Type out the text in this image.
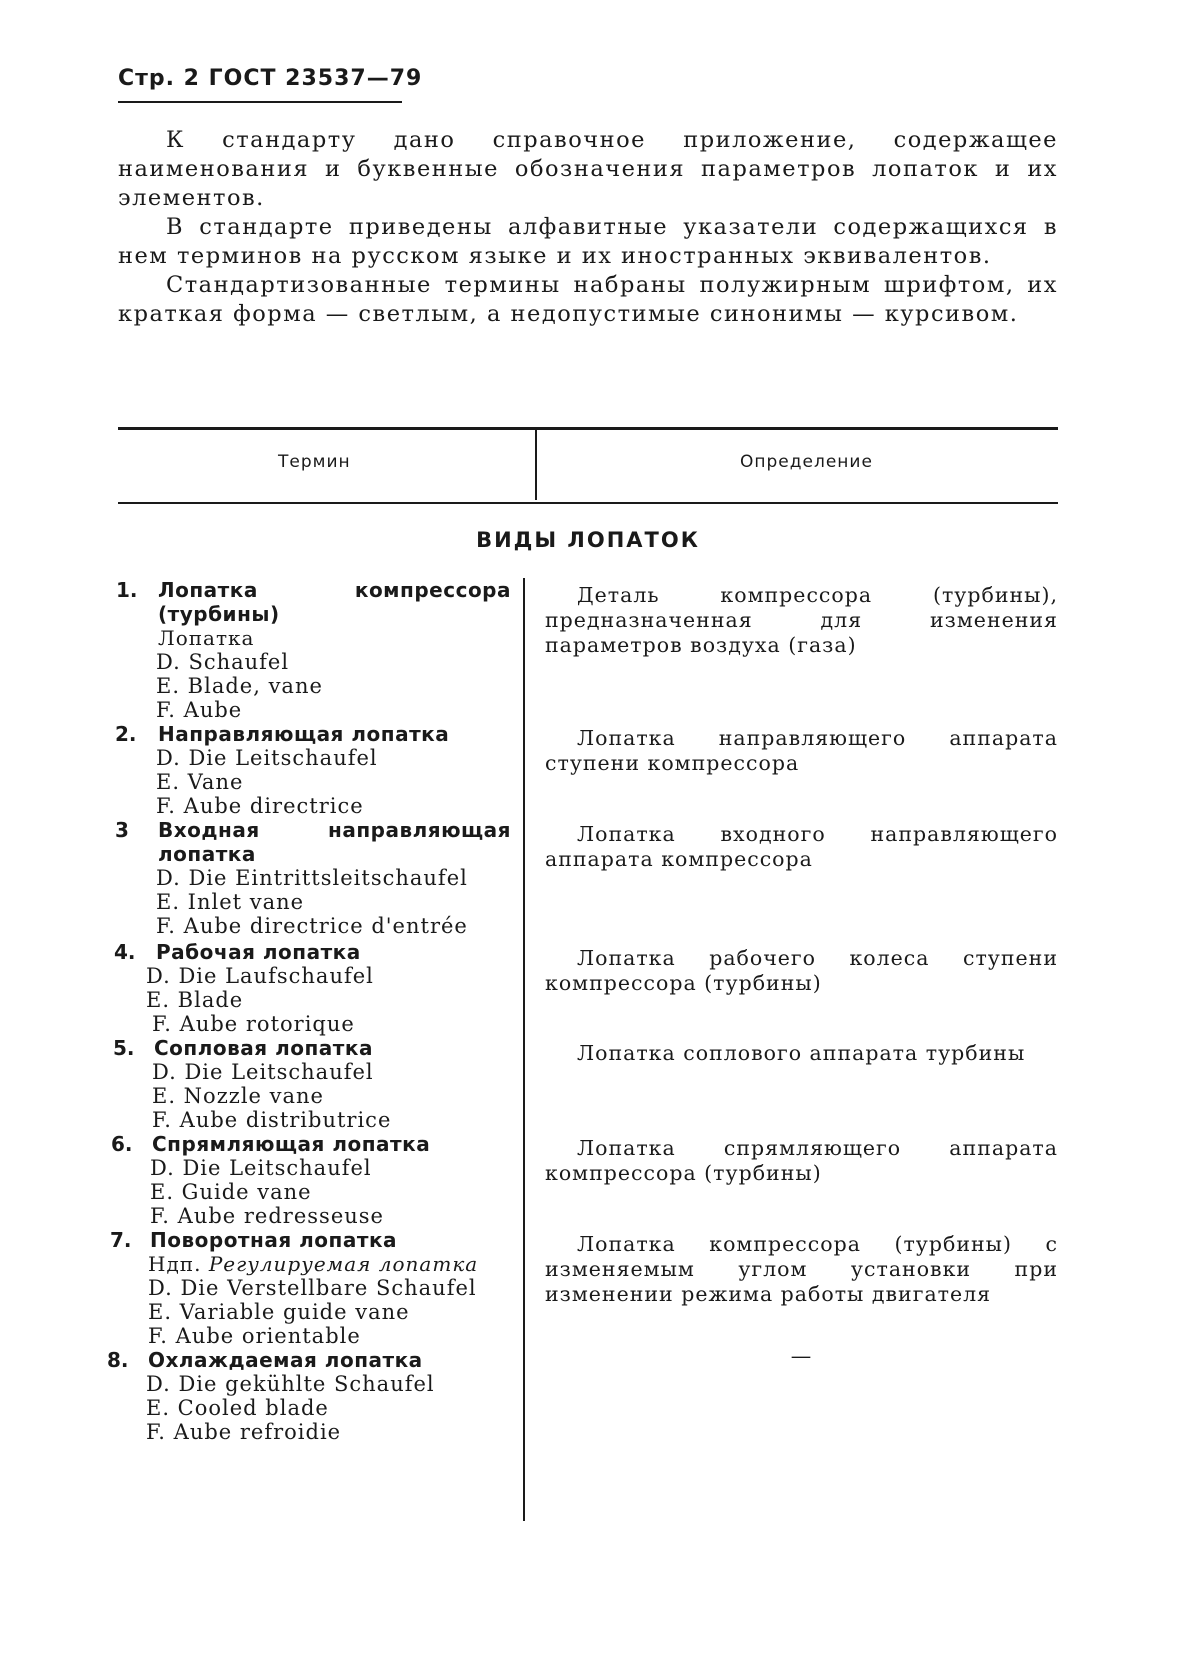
Стр. 2 ГОСТ 23537—79

К стандарту дано справочное приложение, содержащее наименования и буквенные обозначения параметров лопаток и их элементов.

В стандарте приведены алфавитные указатели содержащихся в нем терминов на русском языке и их иностранных эквивалентов.

Стандартизованные термины набраны полужирным шрифтом, их краткая форма — светлым, а недопустимые синонимы — курсивом.

Термин	Определение
ВИДЫ ЛОПАТОК
1. Лопатка компрессора (турбины)
Лопатка
D. Schaufel
E. Blade, vane
F. Aube
Деталь компрессора (турбины), предназначенная для изменения параметров воздуха (газа)
2. Направляющая лопатка
D. Die Leitschaufel
E. Vane
F. Aube directrice
Лопатка направляющего аппарата ступени компрессора
3 Входная направляющая лопатка
D. Die Eintrittsleitschaufel
E. Inlet vane
F. Aube directrice d'entrée
Лопатка входного направляющего аппарата компрессора
4. Рабочая лопатка
D. Die Laufschaufel
E. Blade
F. Aube rotorique
Лопатка рабочего колеса ступени компрессора (турбины)
5. Сопловая лопатка
D. Die Leitschaufel
E. Nozzle vane
F. Aube distributrice
Лопатка соплового аппарата турбины
6. Спрямляющая лопатка
D. Die Leitschaufel
E. Guide vane
F. Aube redresseuse
Лопатка спрямляющего аппарата компрессора (турбины)
7. Поворотная лопатка
Ндп. Регулируемая лопатка
D. Die Verstellbare Schaufel
E. Variable guide vane
F. Aube orientable
Лопатка компрессора (турбины) с изменяемым углом установки при изменении режима работы двигателя
8. Охлаждаемая лопатка
D. Die gekühlte Schaufel
E. Cooled blade
F. Aube refroidie
—
